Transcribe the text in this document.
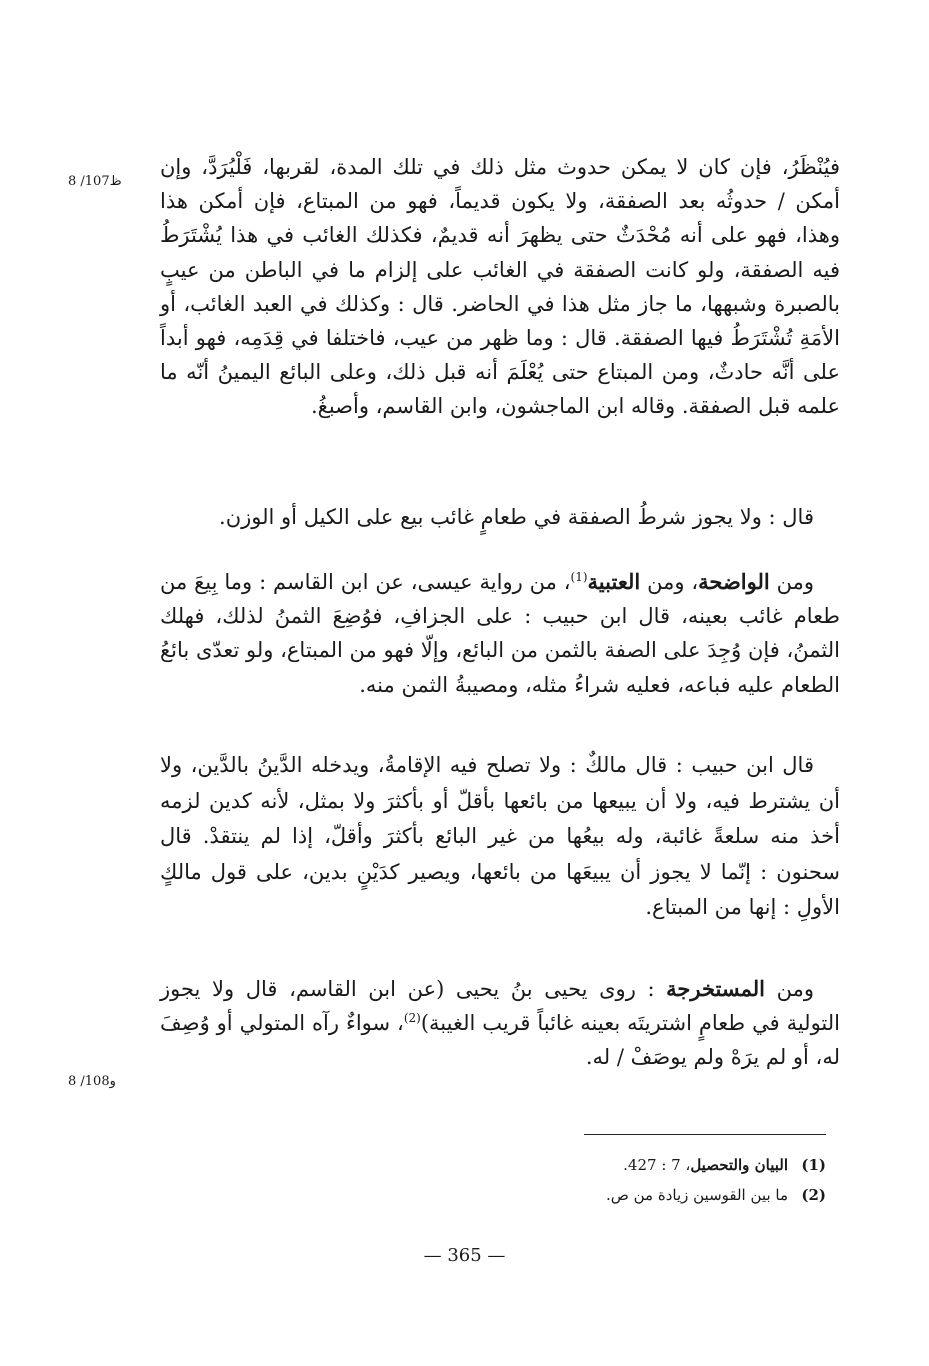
8 /107ظ
8 /108و

فيُنْظَرُ، فإن كان لا يمكن حدوث مثل ذلك في تلك المدة، لقربها، فَلْيُرَدَّ، وإن أمكن / حدوثُه بعد الصفقة، ولا يكون قديماً، فهو من المبتاع، فإن أمكن هذا وهذا، فهو على أنه مُحْدَثٌ حتى يظهرَ أنه قديمٌ، فكذلك الغائب في هذا يُشْتَرَطُ فيه الصفقة، ولو كانت الصفقة في الغائب على إلزام ما في الباطن من عيبٍ بالصبرة وشبهها، ما جاز مثل هذا في الحاضر. قال : وكذلك في العبد الغائب، أو الأمَةِ تُشْتَرَطُ فيها الصفقة. قال : وما ظهر من عيب، فاختلفا في قِدَمِه، فهو أبداً على أنَّه حادثٌ، ومن المبتاع حتى يُعْلَمَ أنه قبل ذلك، وعلى البائع اليمينُ أنّه ما علمه قبل الصفقة. وقاله ابن الماجشون، وابن القاسم، وأصبغُ.

قال : ولا يجوز شرطُ الصفقة في طعامٍ غائب بيع على الكيل أو الوزن.

ومن الواضحة، ومن العتبية$^{(1)}$، من رواية عيسى، عن ابن القاسم : وما بِيعَ من طعام غائب بعينه، قال ابن حبيب : على الجزافِ، فوُضِعَ الثمنُ لذلك، فهلك الثمنُ، فإن وُجِدَ على الصفة بالثمن من البائع، وإلّا فهو من المبتاع، ولو تعدّى بائعُ الطعام عليه فباعه، فعليه شراءُ مثله، ومصيبةُ الثمن منه.

قال ابن حبيب : قال مالكٌ : ولا تصلح فيه الإقامةُ، ويدخله الدَّينُ بالدَّين، ولا أن يشترط فيه، ولا أن يبيعها من بائعها بأقلّ أو بأكثرَ ولا بمثل، لأنه كدين لزمه أخذ منه سلعةً غائبة، وله بيعُها من غير البائع بأكثرَ وأقلّ، إذا لم ينتقدْ. قال سحنون : إنّما لا يجوز أن يبيعَها من بائعها، ويصير كدَيْنٍ بدين، على قول مالكٍ الأولِ : إنها من المبتاع.

ومن المستخرجة : روى يحيى بنُ يحيى (عن ابن القاسم، قال ولا يجوز التولية في طعامٍ اشتريتَه بعينه غائباً قريب الغيبة)$^{(2)}$، سواءٌ رآه المتولي أو وُصِفَ له، أو لم يرَهْ ولم يوصَفْ / له.

(1)
البيان والتحصيل، 7 : 427.
(2)
ما بين القوسين زيادة من ص.
— 365 —
